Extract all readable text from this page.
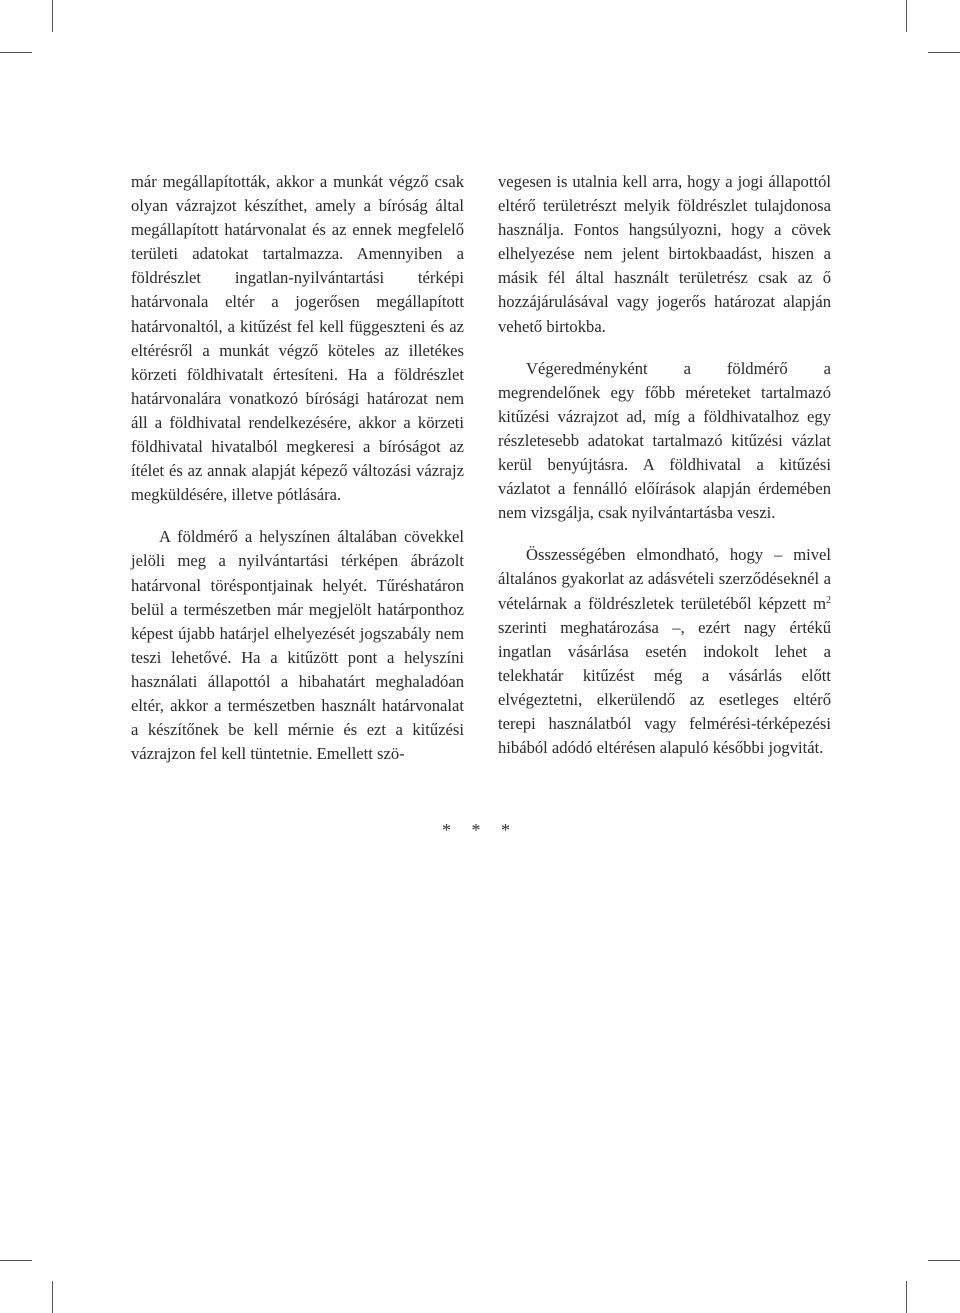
már megállapították, akkor a munkát végző csak olyan vázrajzot készíthet, amely a bíróság által megállapított határvonalat és az ennek megfelelő területi adatokat tartalmazza. Amennyiben a földrészlet ingatlan-nyilvántartási térképi határvonala eltér a jogerősen megállapított határvonaltól, a kitűzést fel kell függeszteni és az eltérésről a munkát végző köteles az illetékes körzeti földhivatalt értesíteni. Ha a földrészlet határvonalára vonatkozó bírósági határozat nem áll a földhivatal rendelkezésére, akkor a körzeti földhivatal hivatalból megkeresi a bíróságot az ítélet és az annak alapját képező változási vázrajz megküldésére, illetve pótlására.

A földmérő a helyszínen általában cövekkel jelöli meg a nyilvántartási térképen ábrázolt határvonal töréspontjainak helyét. Tűréshatáron belül a természetben már megjelölt határponthoz képest újabb határjel elhelyezését jogszabály nem teszi lehetővé. Ha a kitűzött pont a helyszíni használati állapottól a hibahatárt meghaladóan eltér, akkor a természetben használt határvonalat a készítőnek be kell mérnie és ezt a kitűzési vázrajzon fel kell tüntetnie. Emellett szö-

vegesen is utalnia kell arra, hogy a jogi állapottól eltérő területrészt melyik földrészlet tulajdonosa használja. Fontos hangsúlyozni, hogy a cövek elhelyezése nem jelent birtokbaadást, hiszen a másik fél által használt területrész csak az ő hozzájárulásával vagy jogerős határozat alapján vehető birtokba.

Végeredményként a földmérő a megrendelőnek egy főbb méreteket tartalmazó kitűzési vázrajzot ad, míg a földhivatalhoz egy részletesebb adatokat tartalmazó kitűzési vázlat kerül benyújtásra. A földhivatal a kitűzési vázlatot a fennálló előírások alapján érdemében nem vizsgálja, csak nyilvántartásba veszi.

Összességében elmondható, hogy – mivel általános gyakorlat az adásvételi szerződéseknél a vételárnak a földrészletek területéből képzett $m^2$ szerinti meghatározása –, ezért nagy értékű ingatlan vásárlása esetén indokolt lehet a telekhatár kitűzést még a vásárlás előtt elvégeztetni, elkerülendő az esetleges eltérő terepi használatból vagy felmérési-térképezési hibából adódó eltérésen alapuló későbbi jogvitát.

* * *
